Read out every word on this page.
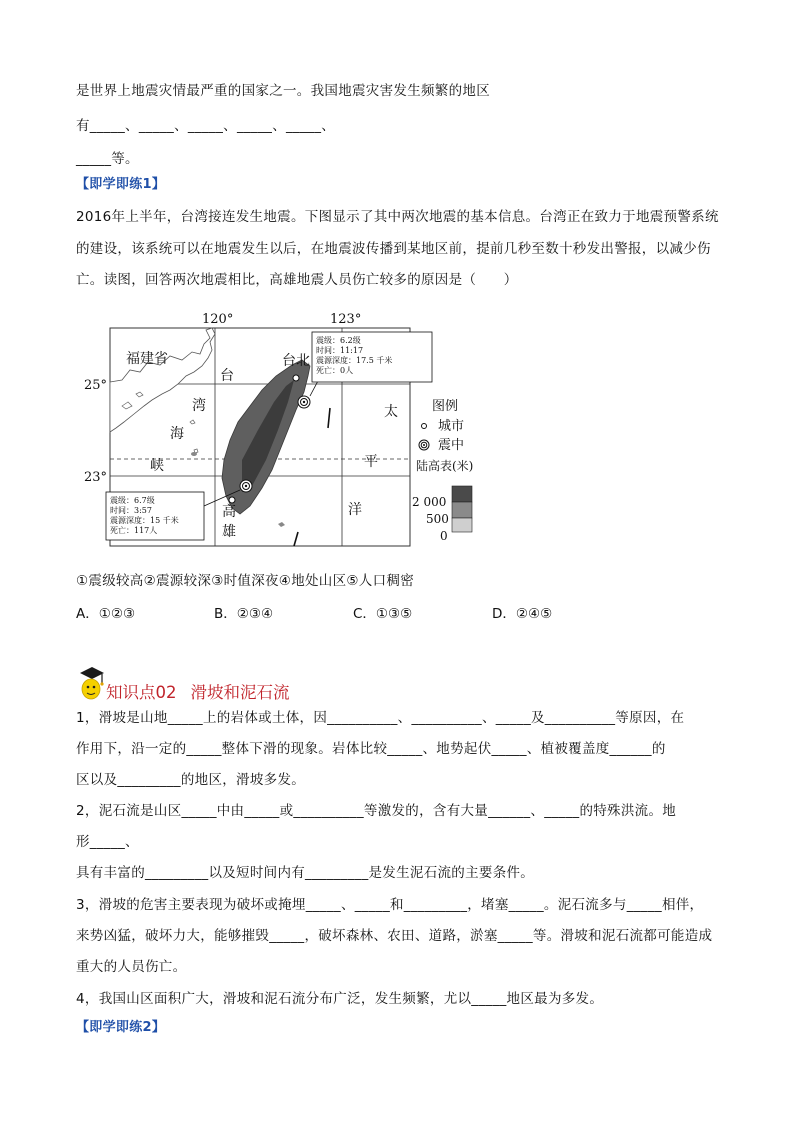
是世界上地震灾情最严重的国家之一。我国地震灾害发生频繁的地区
有_____、_____、_____、_____、_____、
_____等。
【即学即练1】
2016年上半年，台湾接连发生地震。下图显示了其中两次地震的基本信息。台湾正在致力于地震预警系统
的建设，该系统可以在地震发生以后，在地震波传播到某地区前，提前几秒至数十秒发出警报，以减少伤
亡。读图，回答两次地震相比，高雄地震人员伤亡较多的原因是（　　）
台北
高
雄
120°	123°
25°
23°
福建省
台
湾
海
峡
太
平
洋
震级：6.2级
时间：11:17
震源深度：17.5 千米
死亡：0人
震级：6.7级
时间：3:57
震源深度：15 千米
死亡：117人
图例
城市
震中
陆高表(米)
2 000
500
0
①震级较高②震源较深③时值深夜④地处山区⑤人口稠密
A．①②③	B．②③④	C．①③⑤	D．②④⑤
知识点02 滑坡和泥石流
1，滑坡是山地_____上的岩体或土体，因__________、__________、_____及__________等原因，在
作用下，沿一定的_____整体下滑的现象。岩体比较_____、地势起伏_____、植被覆盖度______的
区以及_________的地区，滑坡多发。
2，泥石流是山区_____中由_____或__________等激发的，含有大量______、_____的特殊洪流。地
形_____、
具有丰富的_________以及短时间内有_________是发生泥石流的主要条件。
3，滑坡的危害主要表现为破坏或掩埋_____、_____和_________，堵塞_____。泥石流多与_____相伴，
来势凶猛，破坏力大，能够摧毁_____，破坏森林、农田、道路，淤塞_____等。滑坡和泥石流都可能造成
重大的人员伤亡。
4，我国山区面积广大，滑坡和泥石流分布广泛，发生频繁，尤以_____地区最为多发。
【即学即练2】
